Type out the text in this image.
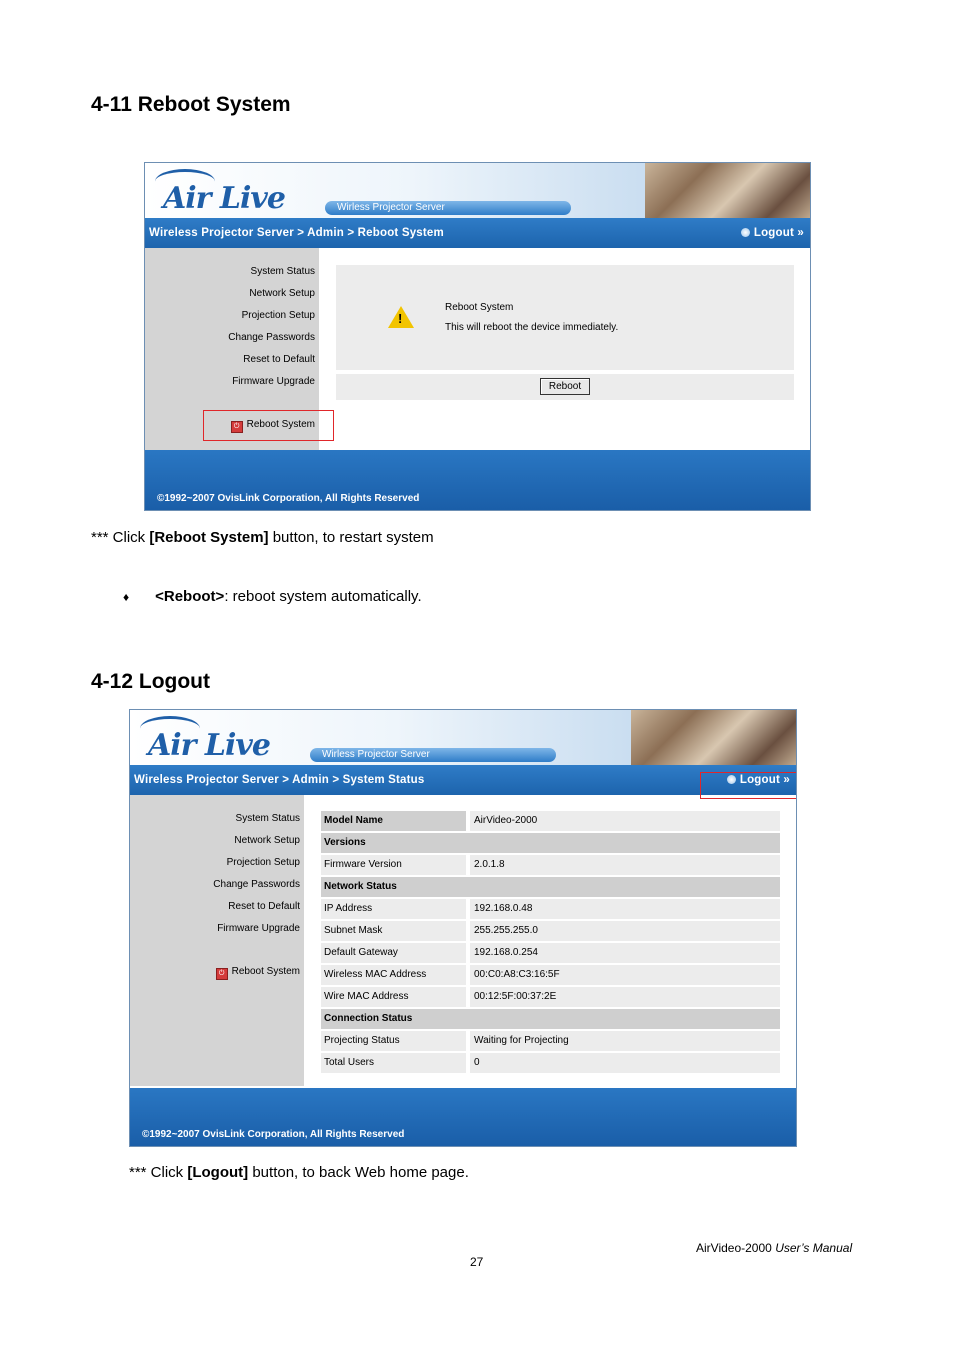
4-11 Reboot System
Air Live	Wirless Projector Server
Wireless Projector Server > Admin > Reboot System	Logout »
System Status
Network Setup
Projection Setup
Change Passwords
Reset to Default
Firmware Upgrade
⏻ Reboot System
!
Reboot System
This will reboot the device immediately.
Reboot
©1992~2007 OvisLink Corporation, All Rights Reserved
*** Click [Reboot System] button, to restart system
♦ <Reboot>: reboot system automatically.
4-12 Logout
Air Live	Wirless Projector Server
Wireless Projector Server > Admin > System Status	Logout »
System Status
Network Setup
Projection Setup
Change Passwords
Reset to Default
Firmware Upgrade
⏻ Reboot System
Model Name	AirVideo-2000
Versions
Firmware Version	2.0.1.8
Network Status
IP Address	192.168.0.48
Subnet Mask	255.255.255.0
Default Gateway	192.168.0.254
Wireless MAC Address	00:C0:A8:C3:16:5F
Wire MAC Address	00:12:5F:00:37:2E
Connection Status
Projecting Status	Waiting for Projecting
Total Users	0
©1992~2007 OvisLink Corporation, All Rights Reserved
*** Click [Logout] button, to back Web home page.
AirVideo-2000 User’s Manual
27
